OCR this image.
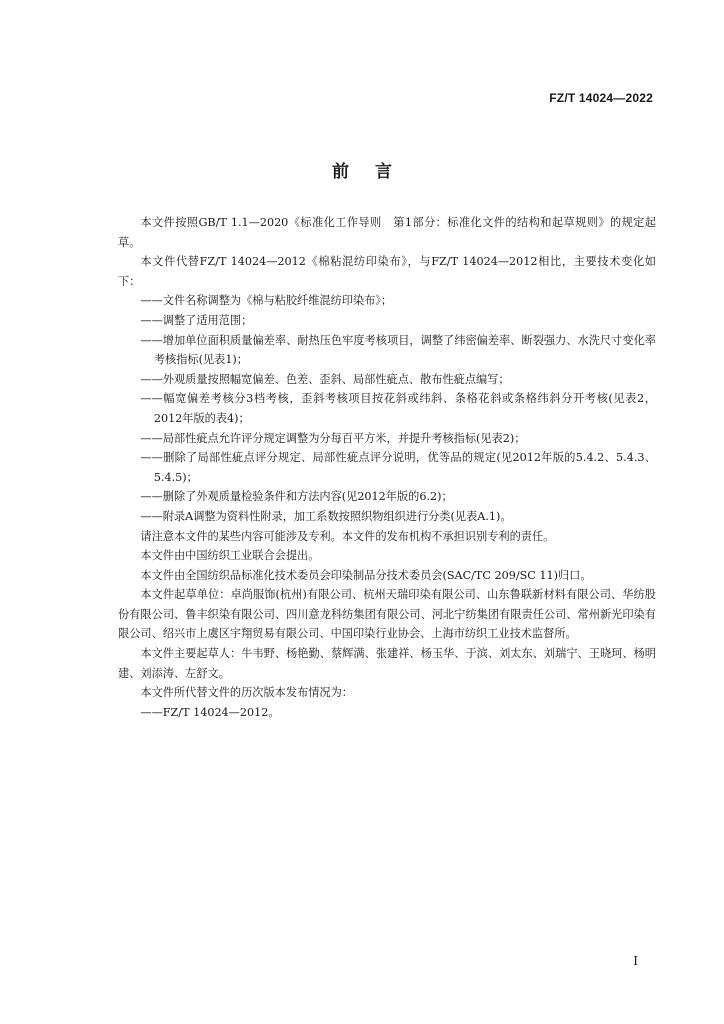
FZ/T 14024—2022
前言

本文件按照GB/T 1.1—2020《标准化工作导则　第1部分：标准化文件的结构和起草规则》的规定起草。

本文件代替FZ/T 14024—2012《棉粘混纺印染布》，与FZ/T 14024—2012相比，主要技术变化如下：

——文件名称调整为《棉与粘胶纤维混纺印染布》；

——调整了适用范围；

——增加单位面积质量偏差率、耐热压色牢度考核项目，调整了纬密偏差率、断裂强力、水洗尺寸变化率考核指标(见表1)；

——外观质量按照幅宽偏差、色差、歪斜、局部性疵点、散布性疵点编写；

——幅宽偏差考核分3档考核，歪斜考核项目按花斜或纬斜、条格花斜或条格纬斜分开考核(见表2，2012年版的表4)；

——局部性疵点允许评分规定调整为分每百平方米，并提升考核指标(见表2)；

——删除了局部性疵点评分规定、局部性疵点评分说明，优等品的规定(见2012年版的5.4.2、5.4.3、5.4.5)；

——删除了外观质量检验条件和方法内容(见2012年版的6.2)；

——附录A调整为资料性附录，加工系数按照织物组织进行分类(见表A.1)。

请注意本文件的某些内容可能涉及专利。本文件的发布机构不承担识别专利的责任。

本文件由中国纺织工业联合会提出。

本文件由全国纺织品标准化技术委员会印染制品分技术委员会(SAC/TC 209/SC 11)归口。

本文件起草单位：卓尚服饰(杭州)有限公司、杭州天瑞印染有限公司、山东鲁联新材料有限公司、华纺股份有限公司、鲁丰织染有限公司、四川意龙科纺集团有限公司、河北宁纺集团有限责任公司、常州新光印染有限公司、绍兴市上虞区宇翔贸易有限公司、中国印染行业协会、上海市纺织工业技术监督所。

本文件主要起草人：牛韦野、杨艳勤、蔡辉满、张建祥、杨玉华、于滨、刘太东、刘瑞宁、王晓珂、杨明建、刘添涛、左舒文。

本文件所代替文件的历次版本发布情况为：

——FZ/T 14024—2012。

I
